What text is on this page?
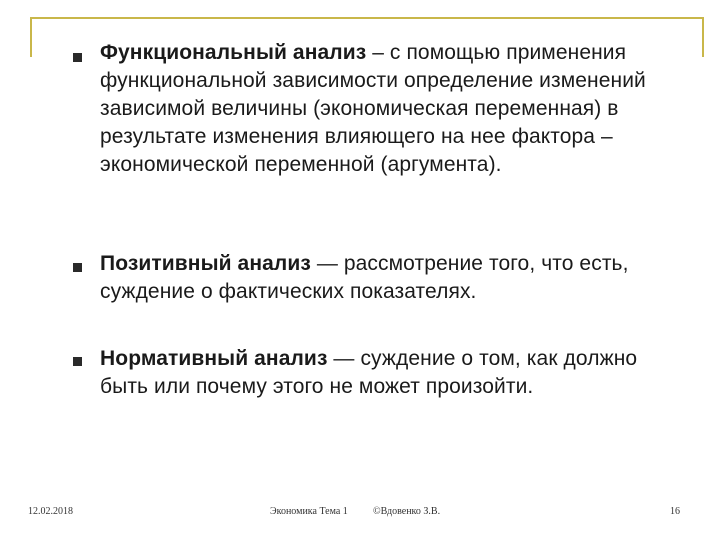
Функциональный анализ – с помощью применения функциональной зависимости определение изменений зависимой величины (экономическая переменная) в результате изменения влияющего на нее фактора – экономической переменной (аргумента).
Позитивный анализ — рассмотрение того, что есть, суждение о фактических показателях.
Нормативный анализ — суждение о том, как должно быть или почему этого не может произойти.
12.02.2018	Экономика Тема 1	©Вдовенко З.В.	16
